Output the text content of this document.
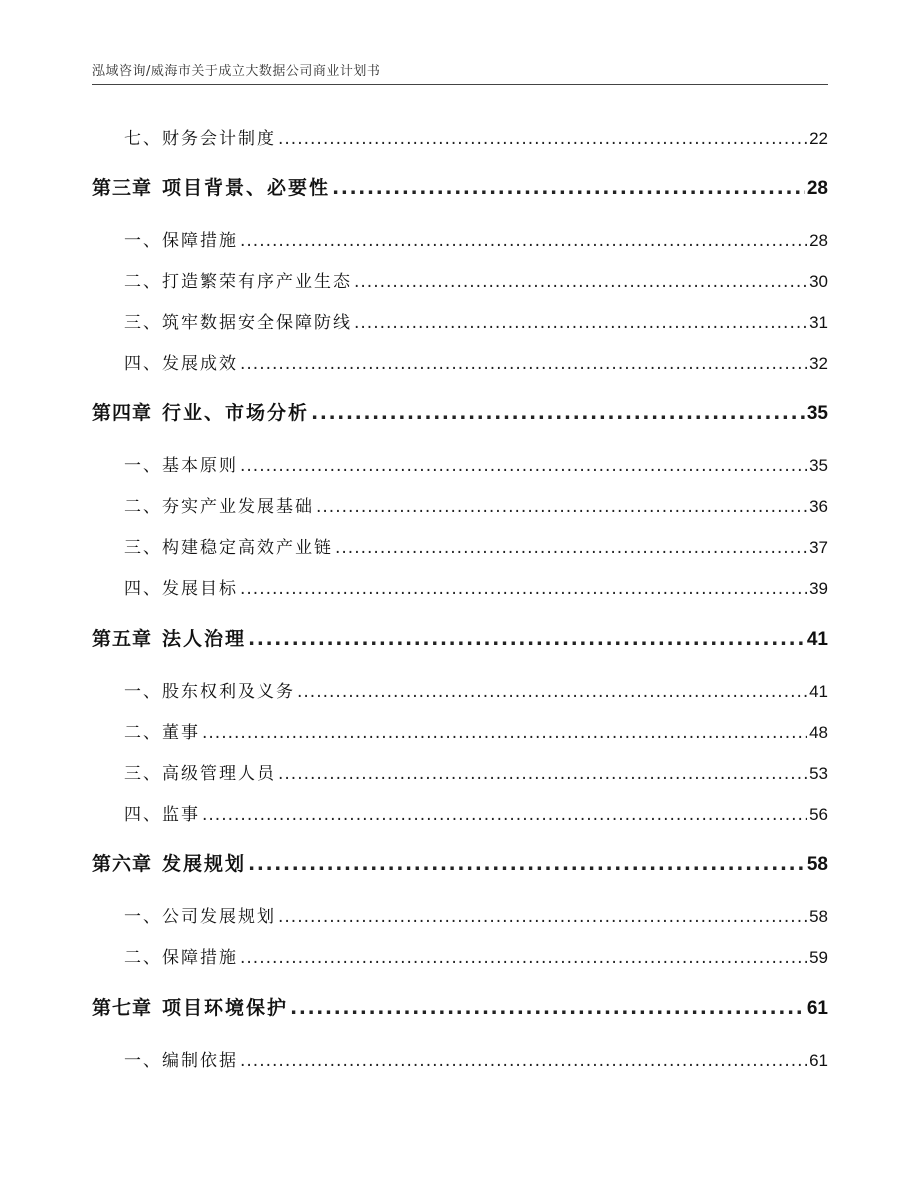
泓域咨询/威海市关于成立大数据公司商业计划书
七、 财务会计制度 .....	22
第三章 项目背景、必要性 .....	28
一、 保障措施 .....	28
二、 打造繁荣有序产业生态 .....	30
三、 筑牢数据安全保障防线 .....	31
四、 发展成效 .....	32
第四章 行业、市场分析 .....	35
一、 基本原则 .....	35
二、 夯实产业发展基础 .....	36
三、 构建稳定高效产业链 .....	37
四、 发展目标 .....	39
第五章 法人治理 .....	41
一、 股东权利及义务 .....	41
二、 董事 .....	48
三、 高级管理人员 .....	53
四、 监事 .....	56
第六章 发展规划 .....	58
一、 公司发展规划 .....	58
二、 保障措施 .....	59
第七章 项目环境保护 .....	61
一、 编制依据 .....	61
